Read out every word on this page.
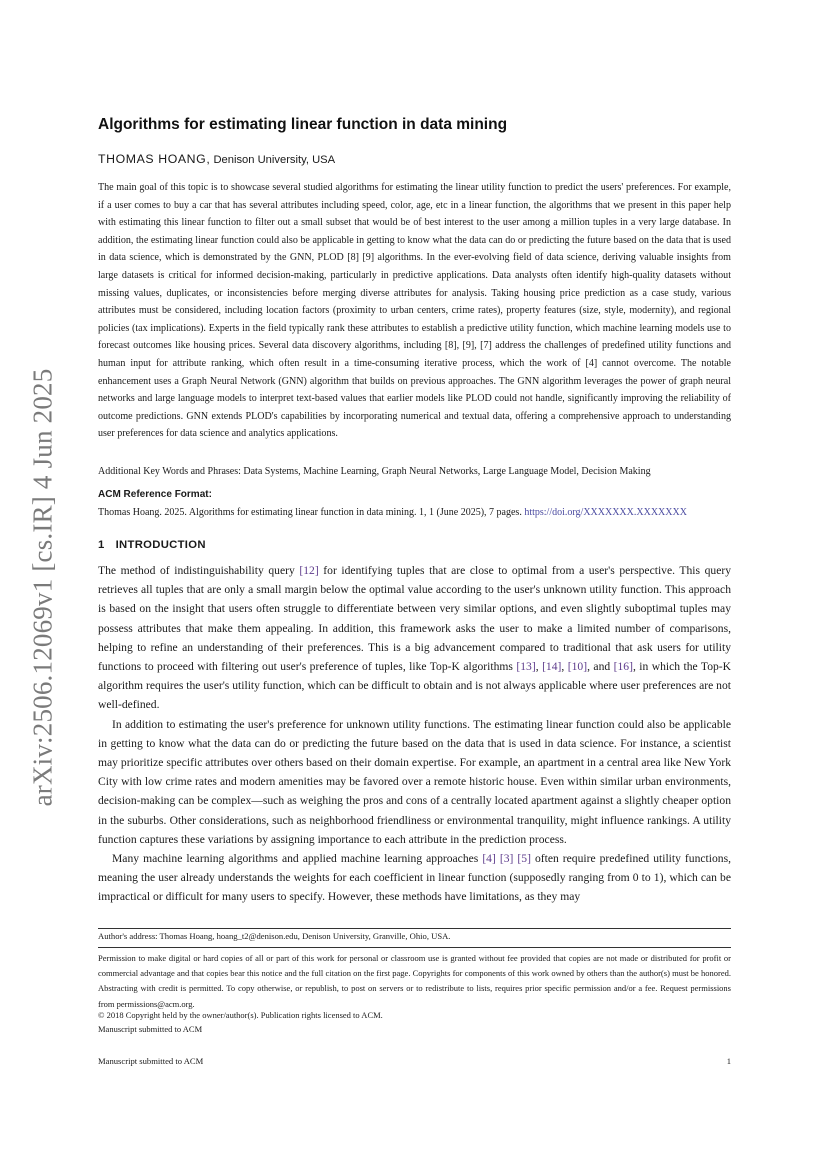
arXiv:2506.12069v1 [cs.IR] 4 Jun 2025
Algorithms for estimating linear function in data mining
THOMAS HOANG, Denison University, USA

The main goal of this topic is to showcase several studied algorithms for estimating the linear utility function to predict the users' preferences. For example, if a user comes to buy a car that has several attributes including speed, color, age, etc in a linear function, the algorithms that we present in this paper help with estimating this linear function to filter out a small subset that would be of best interest to the user among a million tuples in a very large database. In addition, the estimating linear function could also be applicable in getting to know what the data can do or predicting the future based on the data that is used in data science, which is demonstrated by the GNN, PLOD [8] [9] algorithms. In the ever-evolving field of data science, deriving valuable insights from large datasets is critical for informed decision-making, particularly in predictive applications. Data analysts often identify high-quality datasets without missing values, duplicates, or inconsistencies before merging diverse attributes for analysis. Taking housing price prediction as a case study, various attributes must be considered, including location factors (proximity to urban centers, crime rates), property features (size, style, modernity), and regional policies (tax implications). Experts in the field typically rank these attributes to establish a predictive utility function, which machine learning models use to forecast outcomes like housing prices. Several data discovery algorithms, including [8], [9], [7] address the challenges of predefined utility functions and human input for attribute ranking, which often result in a time-consuming iterative process, which the work of [4] cannot overcome. The notable enhancement uses a Graph Neural Network (GNN) algorithm that builds on previous approaches. The GNN algorithm leverages the power of graph neural networks and large language models to interpret text-based values that earlier models like PLOD could not handle, significantly improving the reliability of outcome predictions. GNN extends PLOD's capabilities by incorporating numerical and textual data, offering a comprehensive approach to understanding user preferences for data science and analytics applications.

Additional Key Words and Phrases: Data Systems, Machine Learning, Graph Neural Networks, Large Language Model, Decision Making

ACM Reference Format:

Thomas Hoang. 2025. Algorithms for estimating linear function in data mining. 1, 1 (June 2025), 7 pages. https://doi.org/XXXXXXX.XXXXXXX

1 INTRODUCTION

The method of indistinguishability query [12] for identifying tuples that are close to optimal from a user's perspective. This query retrieves all tuples that are only a small margin below the optimal value according to the user's unknown utility function. This approach is based on the insight that users often struggle to differentiate between very similar options, and even slightly suboptimal tuples may possess attributes that make them appealing. In addition, this framework asks the user to make a limited number of comparisons, helping to refine an understanding of their preferences. This is a big advancement compared to traditional that ask users for utility functions to proceed with filtering out user's preference of tuples, like Top-K algorithms [13], [14], [10], and [16], in which the Top-K algorithm requires the user's utility function, which can be difficult to obtain and is not always applicable where user preferences are not well-defined.

In addition to estimating the user's preference for unknown utility functions. The estimating linear function could also be applicable in getting to know what the data can do or predicting the future based on the data that is used in data science. For instance, a scientist may prioritize specific attributes over others based on their domain expertise. For example, an apartment in a central area like New York City with low crime rates and modern amenities may be favored over a remote historic house. Even within similar urban environments, decision-making can be complex—such as weighing the pros and cons of a centrally located apartment against a slightly cheaper option in the suburbs. Other considerations, such as neighborhood friendliness or environmental tranquility, might influence rankings. A utility function captures these variations by assigning importance to each attribute in the prediction process.

Many machine learning algorithms and applied machine learning approaches [4] [3] [5] often require predefined utility functions, meaning the user already understands the weights for each coefficient in linear function (supposedly ranging from 0 to 1), which can be impractical or difficult for many users to specify. However, these methods have limitations, as they may

Author's address: Thomas Hoang, hoang_t2@denison.edu, Denison University, Granville, Ohio, USA.

Permission to make digital or hard copies of all or part of this work for personal or classroom use is granted without fee provided that copies are not made or distributed for profit or commercial advantage and that copies bear this notice and the full citation on the first page. Copyrights for components of this work owned by others than the author(s) must be honored. Abstracting with credit is permitted. To copy otherwise, or republish, to post on servers or to redistribute to lists, requires prior specific permission and/or a fee. Request permissions from permissions@acm.org.

© 2018 Copyright held by the owner/author(s). Publication rights licensed to ACM.

Manuscript submitted to ACM

Manuscript submitted to ACM	1
